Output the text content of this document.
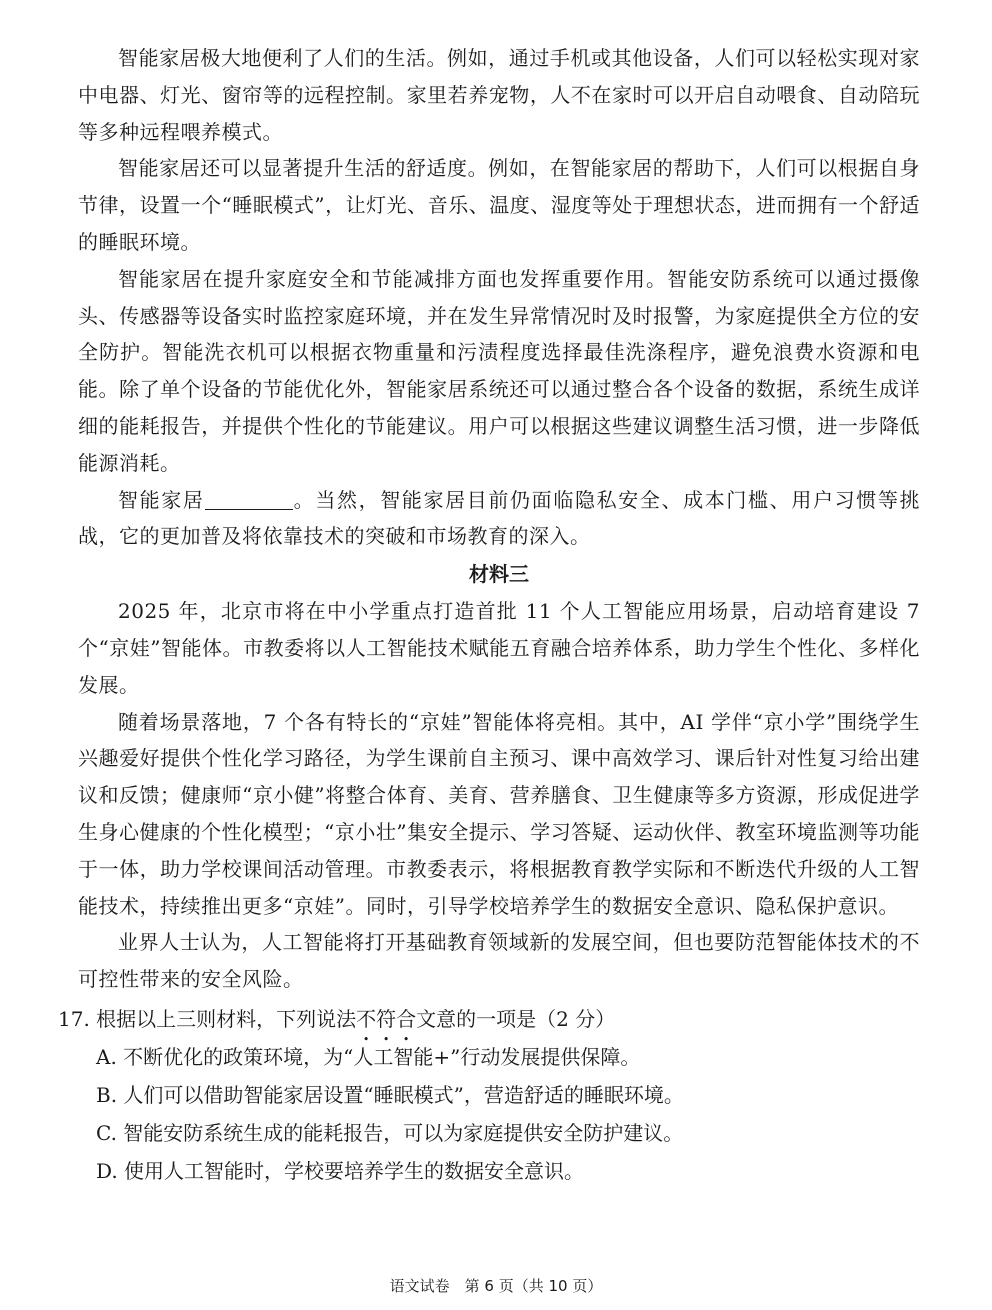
智能家居极大地便利了人们的生活。例如，通过手机或其他设备，人们可以轻松实现对家中电器、灯光、窗帘等的远程控制。家里若养宠物，人不在家时可以开启自动喂食、自动陪玩等多种远程喂养模式。

智能家居还可以显著提升生活的舒适度。例如，在智能家居的帮助下，人们可以根据自身节律，设置一个“睡眠模式”，让灯光、音乐、温度、湿度等处于理想状态，进而拥有一个舒适的睡眠环境。

智能家居在提升家庭安全和节能减排方面也发挥重要作用。智能安防系统可以通过摄像头、传感器等设备实时监控家庭环境，并在发生异常情况时及时报警，为家庭提供全方位的安全防护。智能洗衣机可以根据衣物重量和污渍程度选择最佳洗涤程序，避免浪费水资源和电能。除了单个设备的节能优化外，智能家居系统还可以通过整合各个设备的数据，系统生成详细的能耗报告，并提供个性化的节能建议。用户可以根据这些建议调整生活习惯，进一步降低能源消耗。

智能家居	。当然，智能家居目前仍面临隐私安全、成本门槛、用户习惯等挑战，它的更加普及将依靠技术的突破和市场教育的深入。

材料三

2025 年，北京市将在中小学重点打造首批 11 个人工智能应用场景，启动培育建设 7 个“京娃”智能体。市教委将以人工智能技术赋能五育融合培养体系，助力学生个性化、多样化发展。

随着场景落地，7 个各有特长的“京娃”智能体将亮相。其中，AI 学伴“京小学”围绕学生兴趣爱好提供个性化学习路径，为学生课前自主预习、课中高效学习、课后针对性复习给出建议和反馈；健康师“京小健”将整合体育、美育、营养膳食、卫生健康等多方资源，形成促进学生身心健康的个性化模型；“京小壮”集安全提示、学习答疑、运动伙伴、教室环境监测等功能于一体，助力学校课间活动管理。市教委表示，将根据教育教学实际和不断迭代升级的人工智能技术，持续推出更多“京娃”。同时，引导学校培养学生的数据安全意识、隐私保护意识。

业界人士认为，人工智能将打开基础教育领域新的发展空间，但也要防范智能体技术的不可控性带来的安全风险。

17. 根据以上三则材料，下列说法不符合文意的一项是（2 分）

A. 不断优化的政策环境，为“人工智能+”行动发展提供保障。

B. 人们可以借助智能家居设置“睡眠模式”，营造舒适的睡眠环境。

C. 智能安防系统生成的能耗报告，可以为家庭提供安全防护建议。

D. 使用人工智能时，学校要培养学生的数据安全意识。

语文试卷　第 6 页（共 10 页）
